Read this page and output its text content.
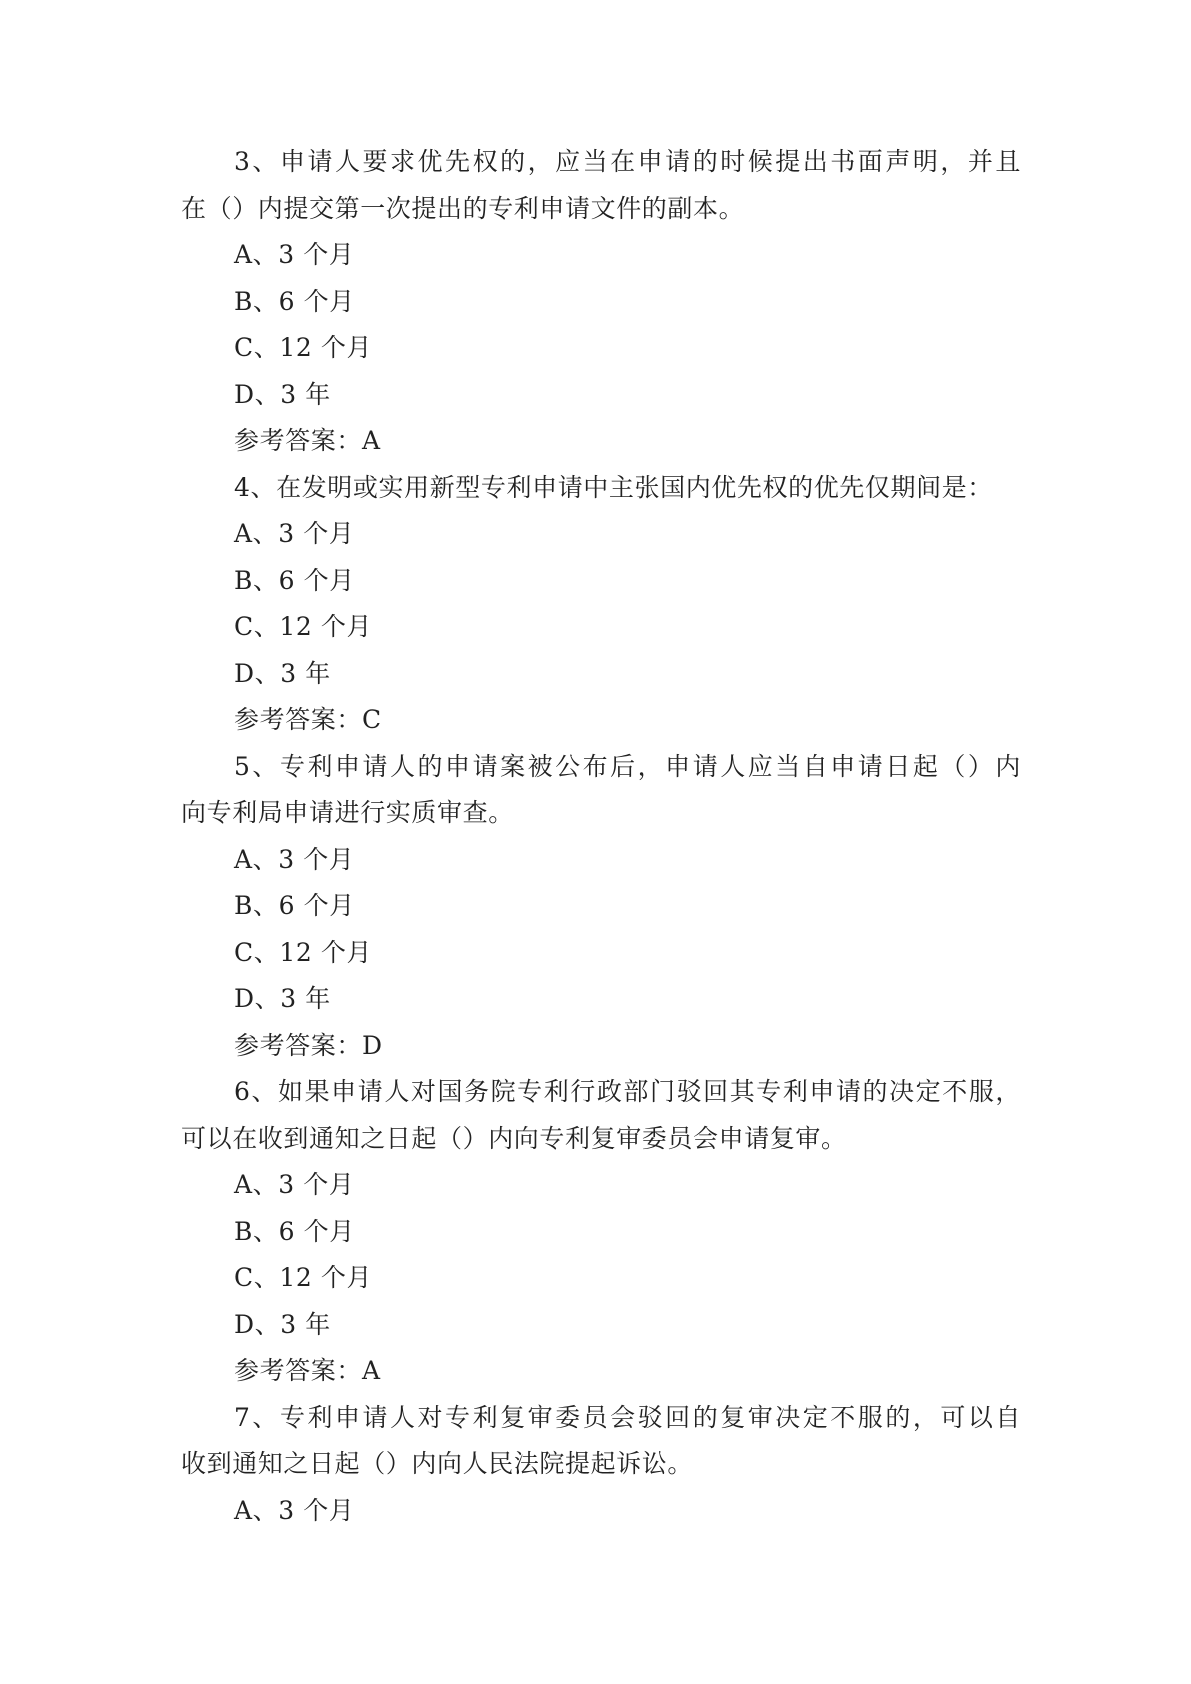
3、申请人要求优先权的，应当在申请的时候提出书面声明，并且
在（）内提交第一次提出的专利申请文件的副本。
A、3 个月
B、6 个月
C、12 个月
D、3 年
参考答案：A
4、在发明或实用新型专利申请中主张国内优先权的优先仅期间是：
A、3 个月
B、6 个月
C、12 个月
D、3 年
参考答案：C
5、专利申请人的申请案被公布后，申请人应当自申请日起（）内
向专利局申请进行实质审查。
A、3 个月
B、6 个月
C、12 个月
D、3 年
参考答案：D
6、如果申请人对国务院专利行政部门驳回其专利申请的决定不服，
可以在收到通知之日起（）内向专利复审委员会申请复审。
A、3 个月
B、6 个月
C、12 个月
D、3 年
参考答案：A
7、专利申请人对专利复审委员会驳回的复审决定不服的，可以自
收到通知之日起（）内向人民法院提起诉讼。
A、3 个月
